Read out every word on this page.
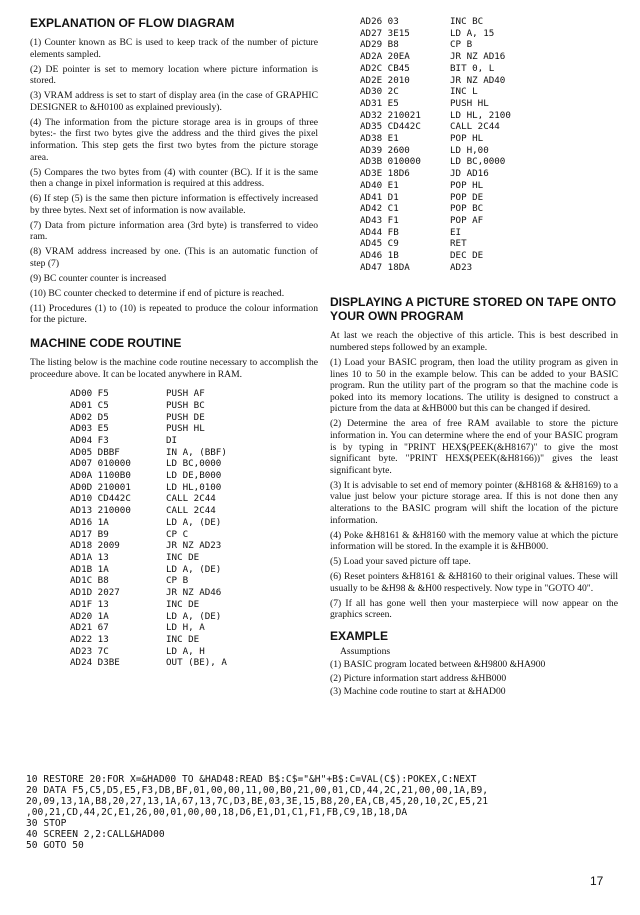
EXPLANATION OF FLOW DIAGRAM

(1) Counter known as BC is used to keep track of the number of picture elements sampled.

(2) DE pointer is set to memory location where picture information is stored.

(3) VRAM address is set to start of display area (in the case of GRAPHIC DESIGNER to &H0100 as explained previously).

(4) The information from the picture storage area is in groups of three bytes:- the first two bytes give the address and the third gives the pixel information. This step gets the first two bytes from the picture storage area.

(5) Compares the two bytes from (4) with counter (BC). If it is the same then a change in pixel information is required at this address.

(6) If step (5) is the same then picture information is effectively increased by three bytes. Next set of information is now available.

(7) Data from picture information area (3rd byte) is transferred to video ram.

(8) VRAM address increased by one. (This is an automatic function of step (7)

(9) BC counter counter is increased

(10) BC counter checked to determine if end of picture is reached.

(11) Procedures (1) to (10) is repeated to produce the colour information for the picture.

MACHINE CODE ROUTINE

The listing below is the machine code routine necessary to accomplish the proceedure above. It can be located anywhere in RAM.

AD00 F5	PUSH AF
AD01 C5	PUSH BC
AD02 D5	PUSH DE
AD03 E5	PUSH HL
AD04 F3	DI
AD05 DBBF	IN A, (BBF)
AD07 010000	LD BC,0000
AD0A 1100B0	LD DE,B000
AD0D 210001	LD HL,0100
AD10 CD442C	CALL 2C44
AD13 210000	CALL 2C44
AD16 1A	LD A, (DE)
AD17 B9	CP C
AD18 2009	JR NZ AD23
AD1A 13	INC DE
AD1B 1A	LD A, (DE)
AD1C B8	CP B
AD1D 2027	JR NZ AD46
AD1F 13	INC DE
AD20 1A	LD A, (DE)
AD21 67	LD H, A
AD22 13	INC DE
AD23 7C	LD A, H
AD24 D3BE	OUT (BE), A
AD26 03	INC BC
AD27 3E15	LD A, 15
AD29 B8	CP B
AD2A 20EA	JR NZ AD16
AD2C CB45	BIT 0, L
AD2E 2010	JR NZ AD40
AD30 2C	INC L
AD31 E5	PUSH HL
AD32 210021	LD HL, 2100
AD35 CD442C	CALL 2C44
AD38 E1	POP HL
AD39 2600	LD H,00
AD3B 010000	LD BC,0000
AD3E 18D6	JD AD16
AD40 E1	POP HL
AD41 D1	POP DE
AD42 C1	POP BC
AD43 F1	POP AF
AD44 FB	EI
AD45 C9	RET
AD46 1B	DEC DE
AD47 18DA	AD23
DISPLAYING A PICTURE STORED ON TAPE ONTO YOUR OWN PROGRAM

At last we reach the objective of this article. This is best described in numbered steps followed by an example.

(1) Load your BASIC program, then load the utility program as given in lines 10 to 50 in the example below. This can be added to your BASIC program. Run the utility part of the program so that the machine code is poked into its memory locations. The utility is designed to construct a picture from the data at &HB000 but this can be changed if desired.

(2) Determine the area of free RAM available to store the picture information in. You can determine where the end of your BASIC program is by typing in "PRINT HEX$(PEEK(&H8167)" to give the most significant byte. "PRINT HEX$(PEEK(&H8166))" gives the least significant byte.

(3) It is advisable to set end of memory pointer (&H8168 & &H8169) to a value just below your picture storage area. If this is not done then any alterations to the BASIC program will shift the location of the picture information.

(4) Poke &H8161 & &H8160 with the memory value at which the picture information will be stored. In the example it is &HB000.

(5) Load your saved picture off tape.

(6) Reset pointers &H8161 & &H8160 to their original values. These will usually to be &H98 & &H00 respectively. Now type in "GOTO 40".

(7) If all has gone well then your masterpiece will now appear on the graphics screen.

EXAMPLE
Assumptions
(1) BASIC program located between &H9800 &HA900
(2) Picture information start address &HB000
(3) Machine code routine to start at &HAD00
10 RESTORE 20:FOR X=&HAD00 TO &HAD48:READ B$:C$="&H"+B$:C=VAL(C$):POKEX,C:NEXT
20 DATA F5,C5,D5,E5,F3,DB,BF,01,00,00,11,00,B0,21,00,01,CD,44,2C,21,00,00,1A,B9,
20,09,13,1A,B8,20,27,13,1A,67,13,7C,D3,BE,03,3E,15,B8,20,EA,CB,45,20,10,2C,E5,21
,00,21,CD,44,2C,E1,26,00,01,00,00,18,D6,E1,D1,C1,F1,FB,C9,1B,18,DA
30 STOP
40 SCREEN 2,2:CALL&HAD00
50 GOTO 50
17
